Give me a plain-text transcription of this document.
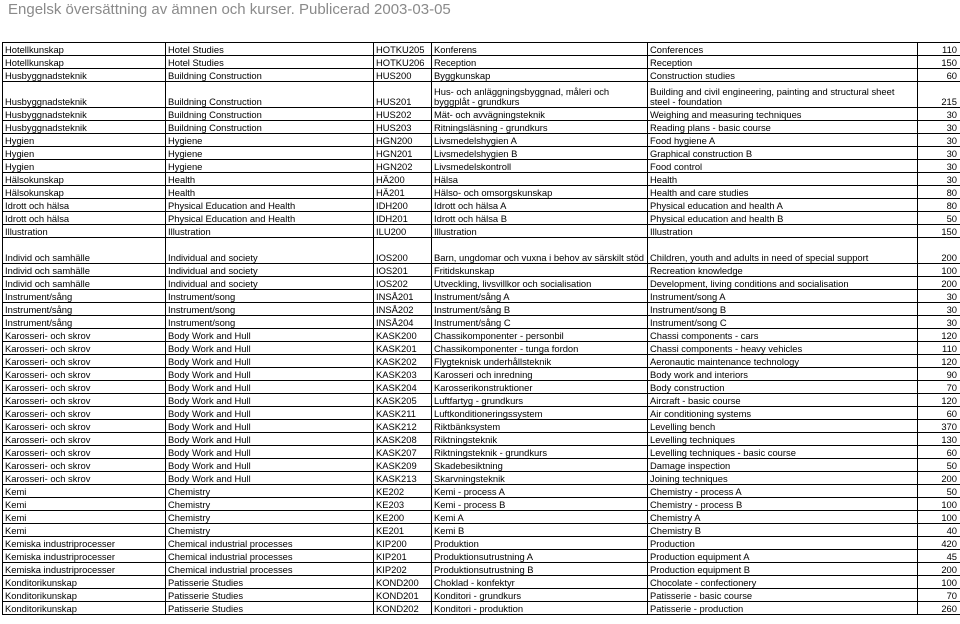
Engelsk översättning av ämnen och kurser. Publicerad 2003-03-05
Hotellkunskap	Hotel Studies	HOTKU205	Konferens	Conferences	110
Hotellkunskap	Hotel Studies	HOTKU206	Reception	Reception	150
Husbyggnadsteknik	Buildning Construction	HUS200	Byggkunskap	Construction studies	60
Husbyggnadsteknik	Buildning Construction	HUS201	Hus- och anläggningsbyggnad, måleri och byggplåt - grundkurs	Building and civil engineering, painting and structural sheet steel - foundation	215
Husbyggnadsteknik	Buildning Construction	HUS202	Mät- och avvägningsteknik	Weighing and measuring techniques	30
Husbyggnadsteknik	Buildning Construction	HUS203	Ritningsläsning - grundkurs	Reading plans - basic course	30
Hygien	Hygiene	HGN200	Livsmedelshygien A	Food hygiene A	30
Hygien	Hygiene	HGN201	Livsmedelshygien B	Graphical construction B	30
Hygien	Hygiene	HGN202	Livsmedelskontroll	Food control	30
Hälsokunskap	Health	HÄ200	Hälsa	Health	30
Hälsokunskap	Health	HÄ201	Hälso- och omsorgskunskap	Health and care studies	80
Idrott och hälsa	Physical Education and Health	IDH200	Idrott och hälsa A	Physical education and health A	80
Idrott och hälsa	Physical Education and Health	IDH201	Idrott och hälsa B	Physical education and health B	50
Illustration	Illustration	ILU200	Illustration	Illustration	150
Individ och samhälle	Individual and society	IOS200	Barn, ungdomar och vuxna i behov av särskilt stöd	Children, youth and adults in need of special support	200
Individ och samhälle	Individual and society	IOS201	Fritidskunskap	Recreation knowledge	100
Individ och samhälle	Individual and society	IOS202	Utveckling, livsvillkor och socialisation	Development, living conditions and socialisation	200
Instrument/sång	Instrument/song	INSÅ201	Instrument/sång A	Instrument/song A	30
Instrument/sång	Instrument/song	INSÅ202	Instrument/sång B	Instrument/song B	30
Instrument/sång	Instrument/song	INSÅ204	Instrument/sång C	Instrument/song C	30
Karosseri- och skrov	Body Work and Hull	KASK200	Chassikomponenter - personbil	Chassi components - cars	120
Karosseri- och skrov	Body Work and Hull	KASK201	Chassikomponenter - tunga fordon	Chassi components - heavy vehicles	110
Karosseri- och skrov	Body Work and Hull	KASK202	Flygteknisk underhållsteknik	Aeronautic maintenance technology	120
Karosseri- och skrov	Body Work and Hull	KASK203	Karosseri och inredning	Body work and interiors	90
Karosseri- och skrov	Body Work and Hull	KASK204	Karosserikonstruktioner	Body construction	70
Karosseri- och skrov	Body Work and Hull	KASK205	Luftfartyg - grundkurs	Aircraft - basic course	120
Karosseri- och skrov	Body Work and Hull	KASK211	Luftkonditioneringssystem	Air conditioning systems	60
Karosseri- och skrov	Body Work and Hull	KASK212	Riktbänksystem	Levelling bench	370
Karosseri- och skrov	Body Work and Hull	KASK208	Riktningsteknik	Levelling techniques	130
Karosseri- och skrov	Body Work and Hull	KASK207	Riktningsteknik - grundkurs	Levelling techniques - basic course	60
Karosseri- och skrov	Body Work and Hull	KASK209	Skadebesiktning	Damage inspection	50
Karosseri- och skrov	Body Work and Hull	KASK213	Skarvningsteknik	Joining techniques	200
Kemi	Chemistry	KE202	Kemi - process A	Chemistry - process A	50
Kemi	Chemistry	KE203	Kemi - process B	Chemistry - process B	100
Kemi	Chemistry	KE200	Kemi A	Chemistry A	100
Kemi	Chemistry	KE201	Kemi B	Chemistry B	40
Kemiska industriprocesser	Chemical industrial processes	KIP200	Produktion	Production	420
Kemiska industriprocesser	Chemical industrial processes	KIP201	Produktionsutrustning A	Production equipment A	45
Kemiska industriprocesser	Chemical industrial processes	KIP202	Produktionsutrustning B	Production equipment B	200
Konditorikunskap	Patisserie Studies	KOND200	Choklad - konfektyr	Chocolate - confectionery	100
Konditorikunskap	Patisserie Studies	KOND201	Konditori - grundkurs	Patisserie - basic course	70
Konditorikunskap	Patisserie Studies	KOND202	Konditori - produktion	Patisserie - production	260
